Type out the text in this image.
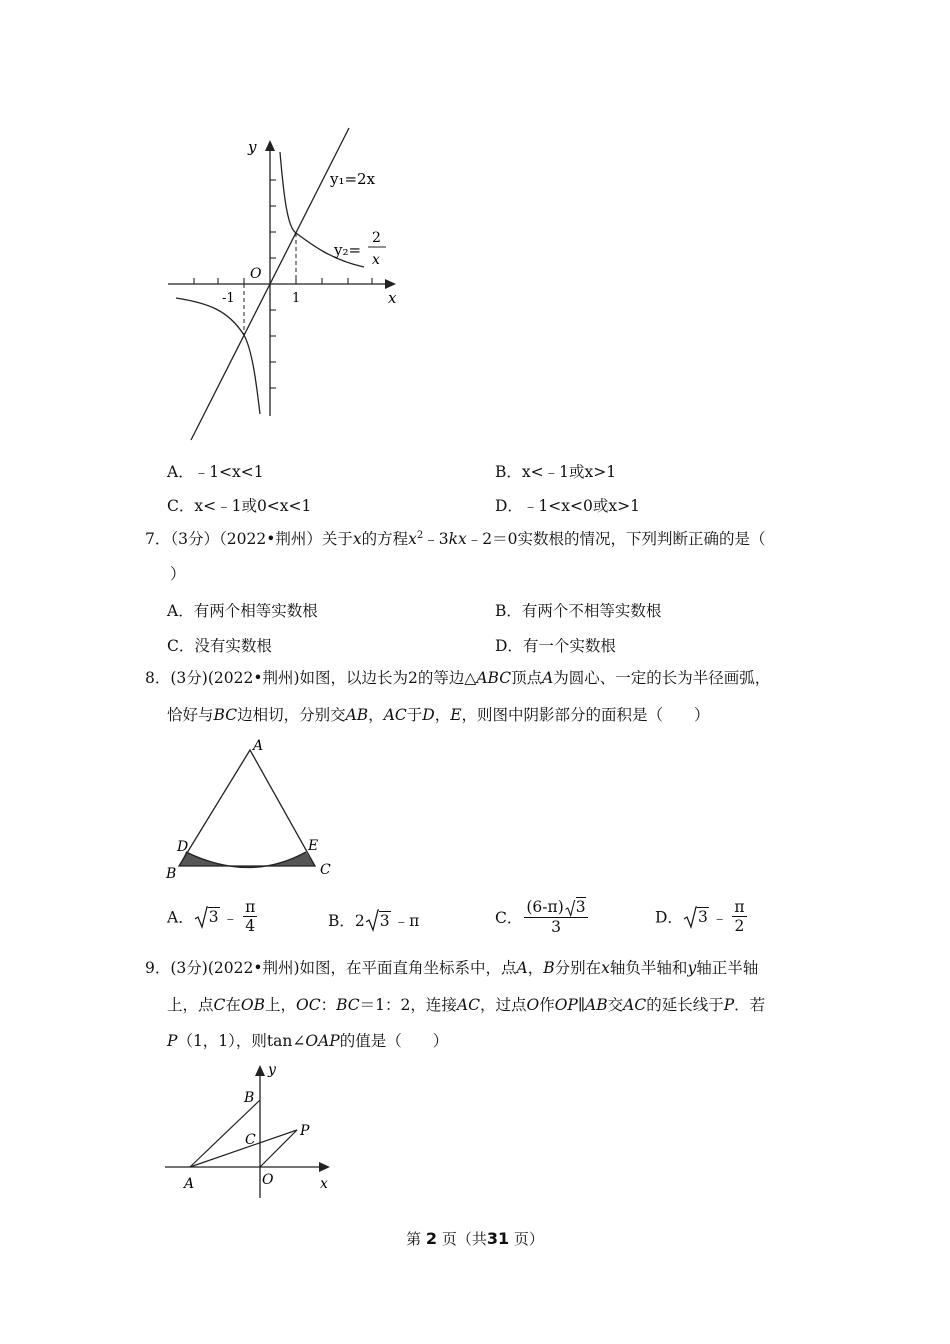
y
x
O
-1	1
y₁=2x
y₂=
2
x
A．﹣1<x<1	B．x<﹣1或x>1
C．x<﹣1或0<x<1	D．﹣1<x<0或x>1
7．（3分）（2022•荆州）关于x的方程$x^2﹣3kx﹣2=0$实数根的情况，下列判断正确的是（
）
A．有两个相等实数根	B．有两个不相等实数根
C．没有实数根	D．有一个实数根
8．(3分)(2022•荆州)如图，以边长为2的等边△ABC顶点A为圆心、一定的长为半径画弧，
恰好与BC边相切，分别交AB，AC于D，E，则图中阴影部分的面积是（　　）
A
D	E
B	C
A． 3 ﹣ $\frac{\pi}{4}$	B．2 3 ﹣π	C． $\frac{(6-\pi) 3}{3}$	D． 3 ﹣ $\frac{\pi}{2}$
9．(3分)(2022•荆州)如图，在平面直角坐标系中，点A，B分别在x轴负半轴和y轴正半轴
上，点C在OB上，OC：BC＝1：2，连接AC，过点O作OP∥AB交AC的延长线于P．若
P（1，1），则tan∠OAP的值是（　　）
y
B
C
P
A	O	x
第 2 页（共31 页）
